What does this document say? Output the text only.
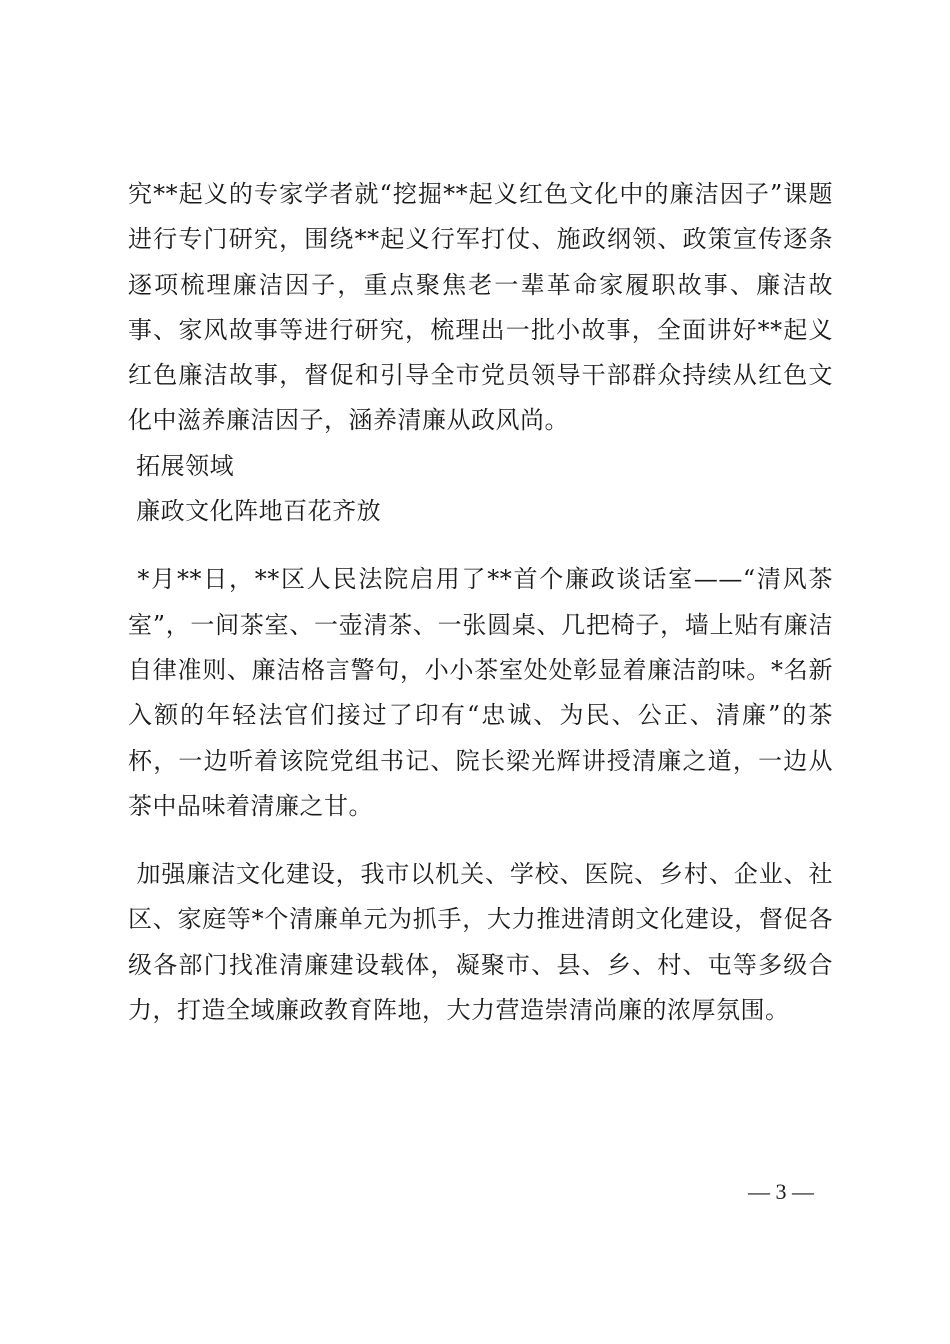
究**起义的专家学者就“挖掘**起义红色文化中的廉洁因子”课题进行专门研究，围绕**起义行军打仗、施政纲领、政策宣传逐条逐项梳理廉洁因子，重点聚焦老一辈革命家履职故事、廉洁故事、家风故事等进行研究，梳理出一批小故事，全面讲好**起义红色廉洁故事，督促和引导全市党员领导干部群众持续从红色文化中滋养廉洁因子，涵养清廉从政风尚。

拓展领域

廉政文化阵地百花齐放

*月**日，**区人民法院启用了**首个廉政谈话室——“清风茶室”，一间茶室、一壶清茶、一张圆桌、几把椅子，墙上贴有廉洁自律准则、廉洁格言警句，小小茶室处处彰显着廉洁韵味。*名新入额的年轻法官们接过了印有“忠诚、为民、公正、清廉”的茶杯，一边听着该院党组书记、院长梁光辉讲授清廉之道，一边从茶中品味着清廉之甘。

加强廉洁文化建设，我市以机关、学校、医院、乡村、企业、社区、家庭等*个清廉单元为抓手，大力推进清朗文化建设，督促各级各部门找准清廉建设载体，凝聚市、县、乡、村、屯等多级合力，打造全域廉政教育阵地，大力营造崇清尚廉的浓厚氛围。

— 3 —
